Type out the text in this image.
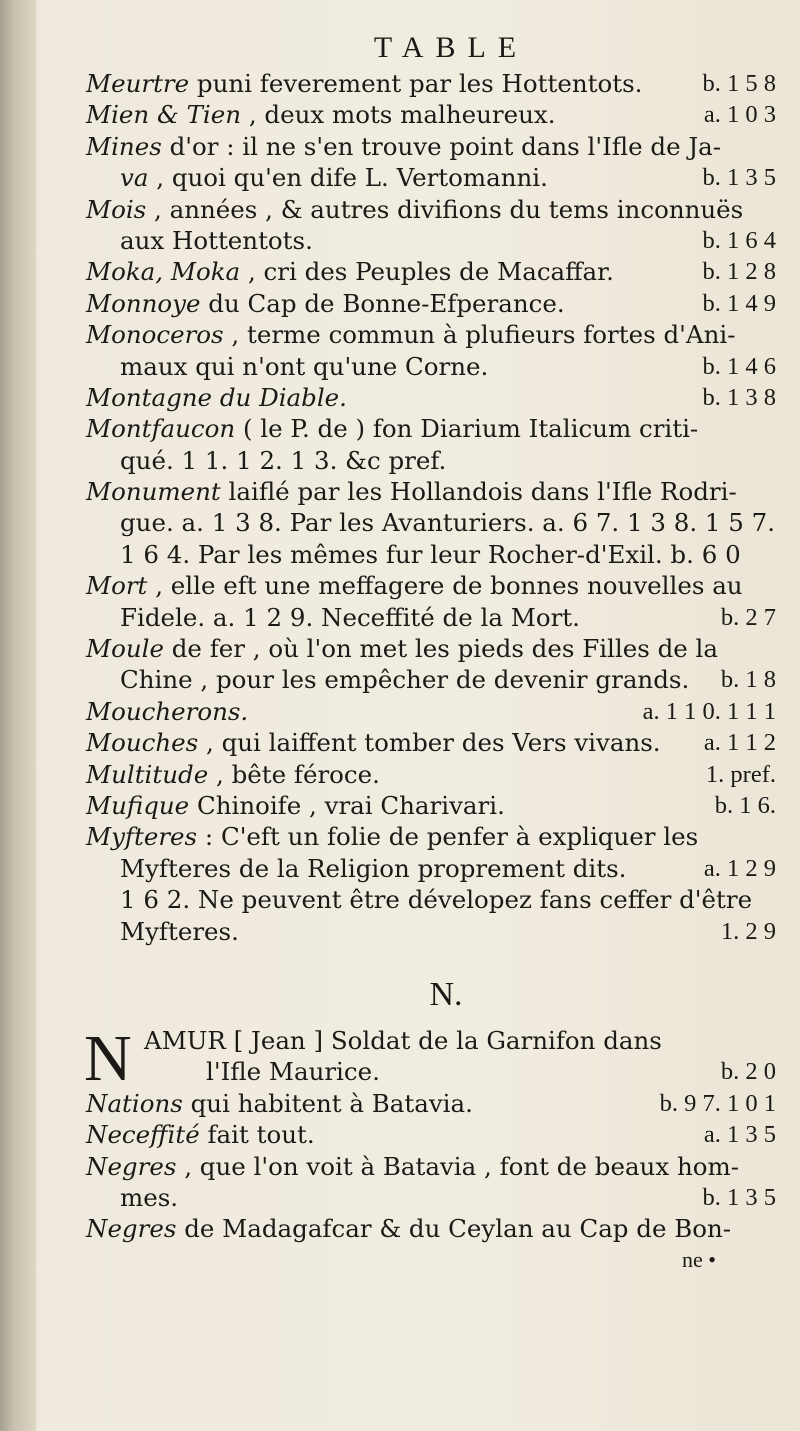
TABLE
Meurtre puni feverement par les Hottentots. b. 1 5 8
Mien & Tien , deux mots malheureux.	a. 1 0 3
Mines d'or : il ne s'en trouve point dans l'Ifle de Ja-
va , quoi qu'en dife L. Vertomanni.	b. 1 3 5
Mois , années , & autres divifions du tems inconnuës
aux Hottentots.	b. 1 6 4
Moka, Moka , cri des Peuples de Macaffar.	b. 1 2 8
Monnoye du Cap de Bonne-Efperance.	b. 1 4 9
Monoceros , terme commun à plufieurs fortes d'Ani-
maux qui n'ont qu'une Corne.	b. 1 4 6
Montagne du Diable.	b. 1 3 8
Montfaucon ( le P. de ) fon Diarium Italicum criti-
qué. 1 1. 1 2. 1 3. &c pref.
Monument laiflé par les Hollandois dans l'Ifle Rodri-
gue. a. 1 3 8. Par les Avanturiers. a. 6 7. 1 3 8. 1 5 7.
1 6 4. Par les mêmes fur leur Rocher-d'Exil. b. 6 0
Mort , elle eft une meffagere de bonnes nouvelles au
Fidele. a. 1 2 9. Neceffité de la Mort.	b. 2 7
Moule de fer , où l'on met les pieds des Filles de la
Chine , pour les empêcher de devenir grands. b. 1 8
Moucherons.	a. 1 1 0. 1 1 1
Mouches , qui laiffent tomber des Vers vivans. a. 1 1 2
Multitude , bête féroce.	1. pref.
Mufique Chinoife , vrai Charivari.	b. 1 6.
Myfteres : C'eft un folie de penfer à expliquer les
Myfteres de la Religion proprement dits.	a. 1 2 9
1 6 2. Ne peuvent être dévelopez fans ceffer d'être
Myfteres.	1. 2 9
N.
N AMUR [ Jean ] Soldat de la Garnifon dans
l'Ifle Maurice.	b. 2 0
Nations qui habitent à Batavia.	b. 9 7. 1 0 1
Neceffité fait tout.	a. 1 3 5
Negres , que l'on voit à Batavia , font de beaux hom-
mes.	b. 1 3 5
Negres de Madagafcar & du Ceylan au Cap de Bon-
ne •
